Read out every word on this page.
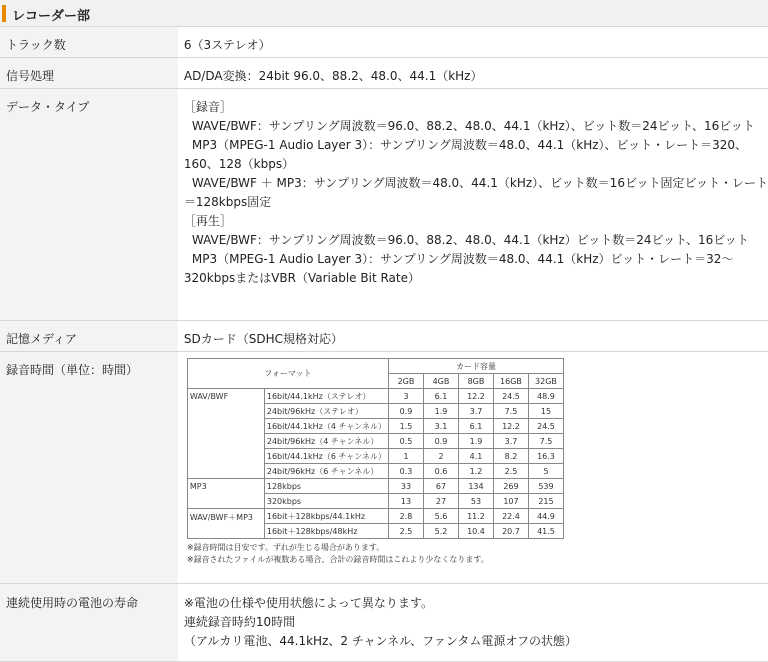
レコーダー部
トラック数	6（3ステレオ）

信号処理	AD/DA変換：24bit 96.0、88.2、48.0、44.1（kHz）

データ・タイプ	［録音］
WAVE/BWF：サンプリング周波数＝96.0、88.2、48.0、44.1（kHz）、ビット数＝24ビット、16ビット
MP3（MPEG-1 Audio Layer 3）：サンプリング周波数＝48.0、44.1（kHz）、ビット・レート＝320、
160、128（kbps）
WAVE/BWF ＋ MP3：サンプリング周波数＝48.0、44.1（kHz）、ビット数＝16ビット固定ビット・レート
＝128kbps固定
［再生］
WAVE/BWF：サンプリング周波数＝96.0、88.2、48.0、44.1（kHz）ビット数＝24ビット、16ビット
MP3（MPEG-1 Audio Layer 3）：サンプリング周波数＝48.0、44.1（kHz）ビット・レート＝32〜
320kbpsまたはVBR（Variable Bit Rate）

記憶メディア	SDカード（SDHC規格対応）

録音時間（単位：時間）
		フォーマット	カード容量
2GB	4GB	8GB	16GB	32GB
WAV/BWF	16bit/44.1kHz（ステレオ）	3	6.1	12.2	24.5	48.9
24bit/96kHz（ステレオ）	0.9	1.9	3.7	7.5	15
16bit/44.1kHz（4 チャンネル）	1.5	3.1	6.1	12.2	24.5
24bit/96kHz（4 チャンネル）	0.5	0.9	1.9	3.7	7.5
16bit/44.1kHz（6 チャンネル）	1	2	4.1	8.2	16.3
24bit/96kHz（6 チャンネル）	0.3	0.6	1.2	2.5	5
MP3	128kbps	33	67	134	269	539
320kbps	13	27	53	107	215
WAV/BWF＋MP3	16bit＋128kbps/44.1kHz	2.8	5.6	11.2	22.4	44.9
16bit＋128kbps/48kHz	2.5	5.2	10.4	20.7	41.5
※録音時間は目安です。ずれが生じる場合があります。
※録音されたファイルが複数ある場合、合計の録音時間はこれより少なくなります。

連続使用時の電池の寿命	※電池の仕様や使用状態によって異なります。
連続録音時約10時間
（アルカリ電池、44.1kHz、2 チャンネル、ファンタム電源オフの状態）
